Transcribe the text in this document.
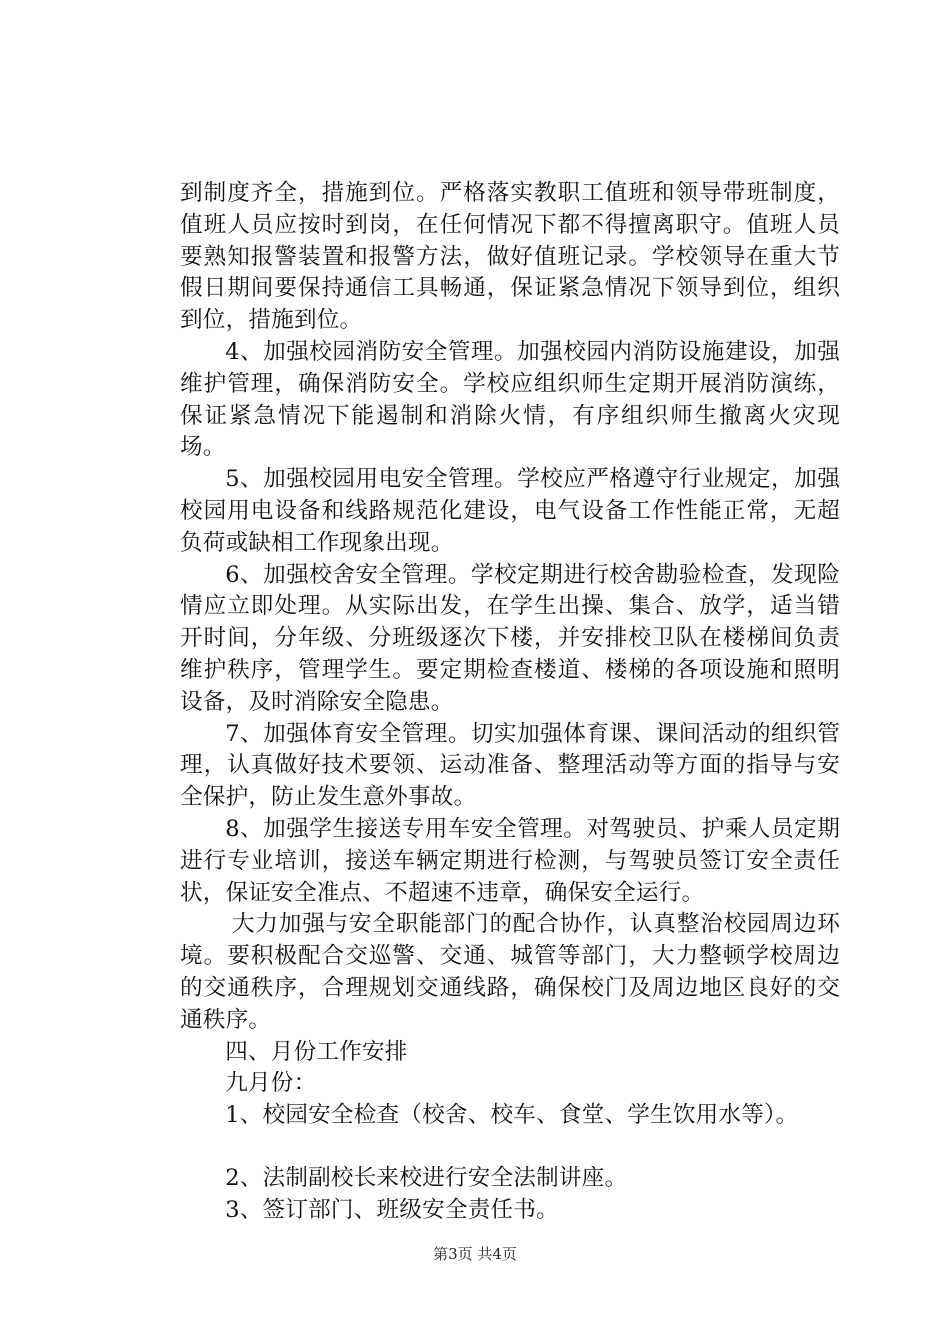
到制度齐全，措施到位。严格落实教职工值班和领导带班制度，值班人员应按时到岗，在任何情况下都不得擅离职守。值班人员要熟知报警装置和报警方法，做好值班记录。学校领导在重大节假日期间要保持通信工具畅通，保证紧急情况下领导到位，组织到位，措施到位。

4、加强校园消防安全管理。加强校园内消防设施建设，加强维护管理，确保消防安全。学校应组织师生定期开展消防演练，保证紧急情况下能遏制和消除火情，有序组织师生撤离火灾现场。

5、加强校园用电安全管理。学校应严格遵守行业规定，加强校园用电设备和线路规范化建设，电气设备工作性能正常，无超负荷或缺相工作现象出现。

6、加强校舍安全管理。学校定期进行校舍勘验检查，发现险情应立即处理。从实际出发，在学生出操、集合、放学，适当错开时间，分年级、分班级逐次下楼，并安排校卫队在楼梯间负责维护秩序，管理学生。要定期检查楼道、楼梯的各项设施和照明设备，及时消除安全隐患。

7、加强体育安全管理。切实加强体育课、课间活动的组织管理，认真做好技术要领、运动准备、整理活动等方面的指导与安全保护，防止发生意外事故。

8、加强学生接送专用车安全管理。对驾驶员、护乘人员定期进行专业培训，接送车辆定期进行检测，与驾驶员签订安全责任状，保证安全准点、不超速不违章，确保安全运行。

大力加强与安全职能部门的配合协作，认真整治校园周边环境。要积极配合交巡警、交通、城管等部门，大力整顿学校周边的交通秩序，合理规划交通线路，确保校门及周边地区良好的交通秩序。

四、月份工作安排

九月份：

1、校园安全检查（校舍、校车、食堂、学生饮用水等）。

2、法制副校长来校进行安全法制讲座。

3、签订部门、班级安全责任书。

第3页 共4页
